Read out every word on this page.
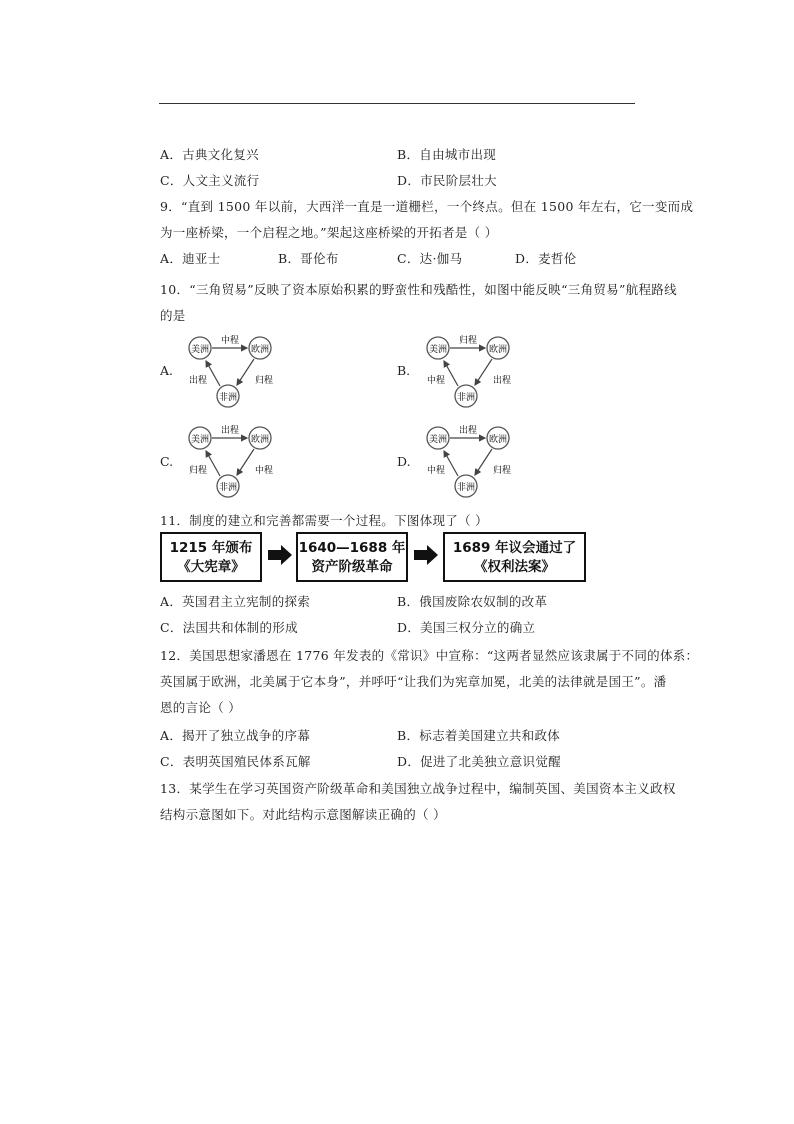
A．古典文化复兴	B．自由城市出现
C．人文主义流行	D．市民阶层壮大
9．“直到 1500 年以前，大西洋一直是一道栅栏，一个终点。但在 1500 年左右，它一变而成
为一座桥梁，一个启程之地。”架起这座桥梁的开拓者是（ ）
A．迪亚士	B．哥伦布	C．达·伽马	D．麦哲伦
10．“三角贸易”反映了资本原始积累的野蛮性和残酷性，如图中能反映“三角贸易”航程路线
的是
A.
美洲	欧洲
非洲
中程
出程	归程
B.
美洲	欧洲
非洲
归程
中程	出程
C.
美洲	欧洲
非洲
出程
归程	中程
D.
美洲	欧洲
非洲
出程
中程	归程
11．制度的建立和完善都需要一个过程。下图体现了（ ）
1215 年颁布
《大宪章》
1640—1688 年
资产阶级革命
1689 年议会通过了
《权利法案》
A．英国君主立宪制的探索	B．俄国废除农奴制的改革
C．法国共和体制的形成	D．美国三权分立的确立
12．美国思想家潘恩在 1776 年发表的《常识》中宣称：“这两者显然应该隶属于不同的体系：
英国属于欧洲，北美属于它本身”，并呼吁“让我们为宪章加冕，北美的法律就是国王”。潘
恩的言论（ ）
A．揭开了独立战争的序幕	B．标志着美国建立共和政体
C．表明英国殖民体系瓦解	D．促进了北美独立意识觉醒
13．某学生在学习英国资产阶级革命和美国独立战争过程中，编制英国、美国资本主义政权
结构示意图如下。对此结构示意图解读正确的（ ）
